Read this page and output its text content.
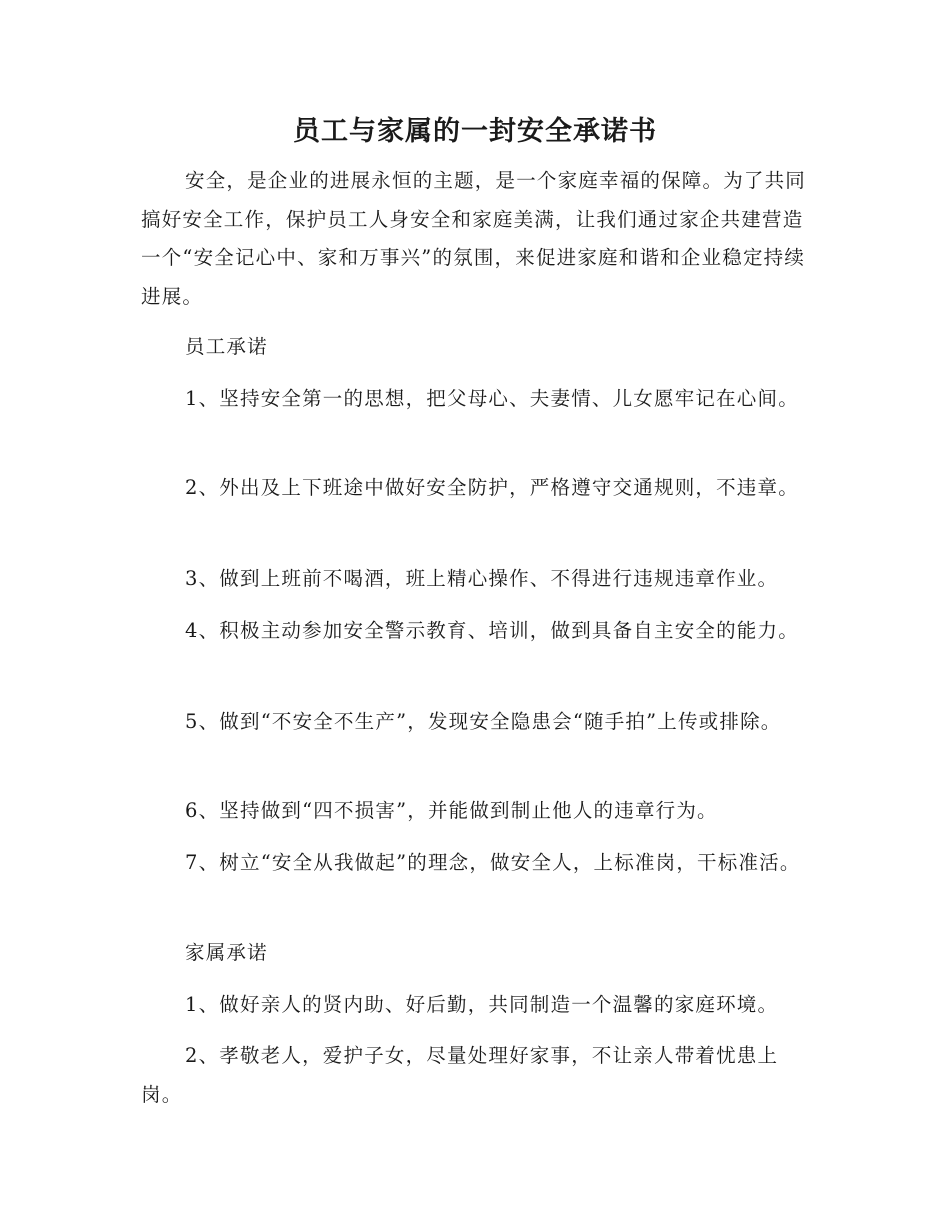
员工与家属的一封安全承诺书

安全，是企业的进展永恒的主题，是一个家庭幸福的保障。为了共同搞好安全工作，保护员工人身安全和家庭美满，让我们通过家企共建营造一个“安全记心中、家和万事兴”的氛围，来促进家庭和谐和企业稳定持续进展。

员工承诺

1、坚持安全第一的思想，把父母心、夫妻情、儿女愿牢记在心间。

2、外出及上下班途中做好安全防护，严格遵守交通规则，不违章。

3、做到上班前不喝酒，班上精心操作、不得进行违规违章作业。

4、积极主动参加安全警示教育、培训，做到具备自主安全的能力。

5、做到“不安全不生产”，发现安全隐患会“随手拍”上传或排除。

6、坚持做到“四不损害”，并能做到制止他人的违章行为。

7、树立“安全从我做起”的理念，做安全人，上标准岗，干标准活。

家属承诺

1、做好亲人的贤内助、好后勤，共同制造一个温馨的家庭环境。

2、孝敬老人，爱护子女，尽量处理好家事，不让亲人带着忧患上岗。
